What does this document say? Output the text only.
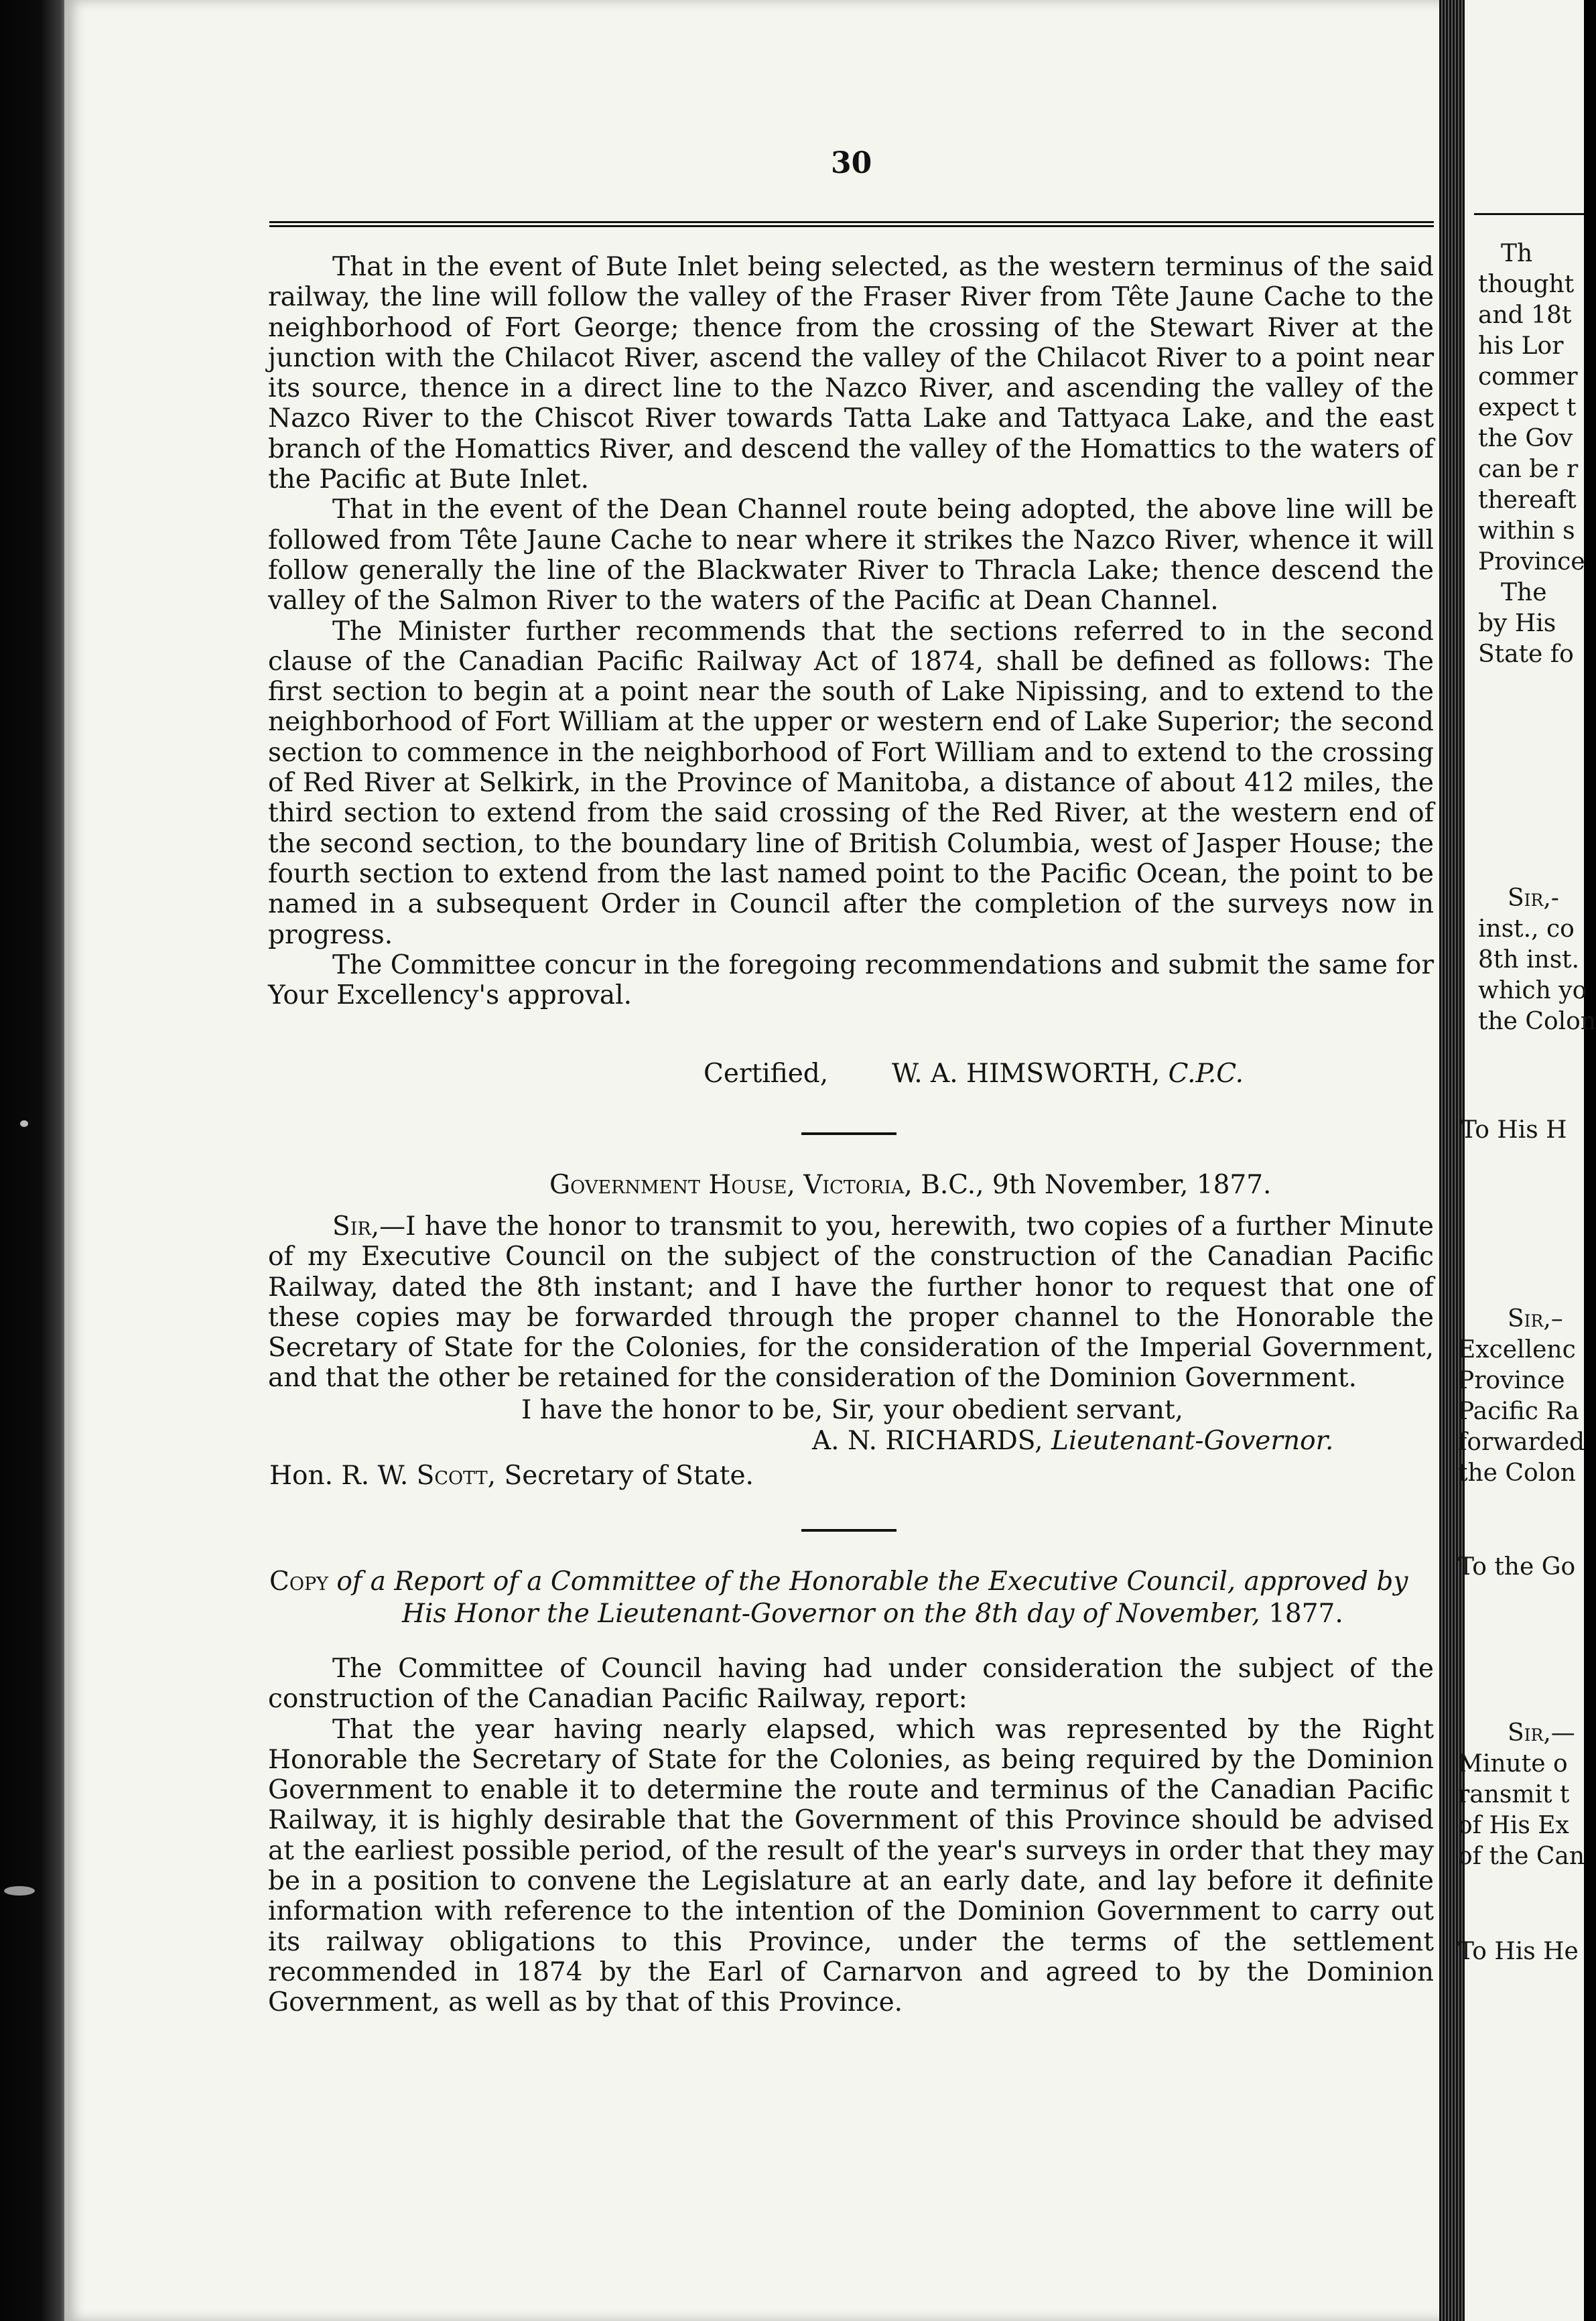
30

That in the event of Bute Inlet being selected, as the western terminus of the said railway, the line will follow the valley of the Fraser River from Tête Jaune Cache to the neighborhood of Fort George; thence from the crossing of the Stewart River at the junction with the Chilacot River, ascend the valley of the Chilacot River to a point near its source, thence in a direct line to the Nazco River, and ascending the valley of the Nazco River to the Chiscot River towards Tatta Lake and Tattyaca Lake, and the east branch of the Homattics River, and descend the valley of the Homattics to the waters of the Pacific at Bute Inlet.

That in the event of the Dean Channel route being adopted, the above line will be followed from Tête Jaune Cache to near where it strikes the Nazco River, whence it will follow generally the line of the Blackwater River to Thracla Lake; thence descend the valley of the Salmon River to the waters of the Pacific at Dean Channel.

The Minister further recommends that the sections referred to in the second clause of the Canadian Pacific Railway Act of 1874, shall be defined as follows: The first section to begin at a point near the south of Lake Nipissing, and to extend to the neighborhood of Fort William at the upper or western end of Lake Superior; the second section to commence in the neighborhood of Fort William and to extend to the crossing of Red River at Selkirk, in the Province of Manitoba, a distance of about 412 miles, the third section to extend from the said crossing of the Red River, at the western end of the second section, to the boundary line of British Columbia, west of Jasper House; the fourth section to extend from the last named point to the Pacific Ocean, the point to be named in a subsequent Order in Council after the completion of the surveys now in progress.

The Committee concur in the foregoing recommendations and submit the same for Your Excellency's approval.

Certified, W. A. HIMSWORTH, C.P.C.
Government House, Victoria, B.C., 9th November, 1877.

Sir,—I have the honor to transmit to you, herewith, two copies of a further Minute of my Executive Council on the subject of the construction of the Canadian Pacific Railway, dated the 8th instant; and I have the further honor to request that one of these copies may be forwarded through the proper channel to the Honorable the Secretary of State for the Colonies, for the consideration of the Imperial Government, and that the other be retained for the consideration of the Dominion Government.

I have the honor to be, Sir, your obedient servant,
A. N. RICHARDS, Lieutenant-Governor.
Hon. R. W. Scott, Secretary of State.
Copy of a Report of a Committee of the Honorable the Executive Council, approved by
His Honor the Lieutenant-Governor on the 8th day of November, 1877.

The Committee of Council having had under consideration the subject of the construction of the Canadian Pacific Railway, report:

That the year having nearly elapsed, which was represented by the Right Honorable the Secretary of State for the Colonies, as being required by the Dominion Government to enable it to determine the route and terminus of the Canadian Pacific Railway, it is highly desirable that the Government of this Province should be advised at the earliest possible period, of the result of the year's surveys in order that they may be in a position to convene the Legislature at an early date, and lay before it definite information with reference to the intention of the Dominion Government to carry out its railway obligations to this Province, under the terms of the settlement recommended in 1874 by the Earl of Carnarvon and agreed to by the Dominion Government, as well as by that of this Province.

Th
thought
and 18t
his Lor
commer
expect t
the Gov
can be r
thereaft
within s
Province
The
by His
State fo
Sir,-
inst., co
8th inst.
which yo
the Colon
To His H
Sir,–
Excellenc
Province
Pacific Ra
forwarded
the Colon
To the Go
Sir,—
Minute o
ransmit t
of His Ex
of the Can
To His He
